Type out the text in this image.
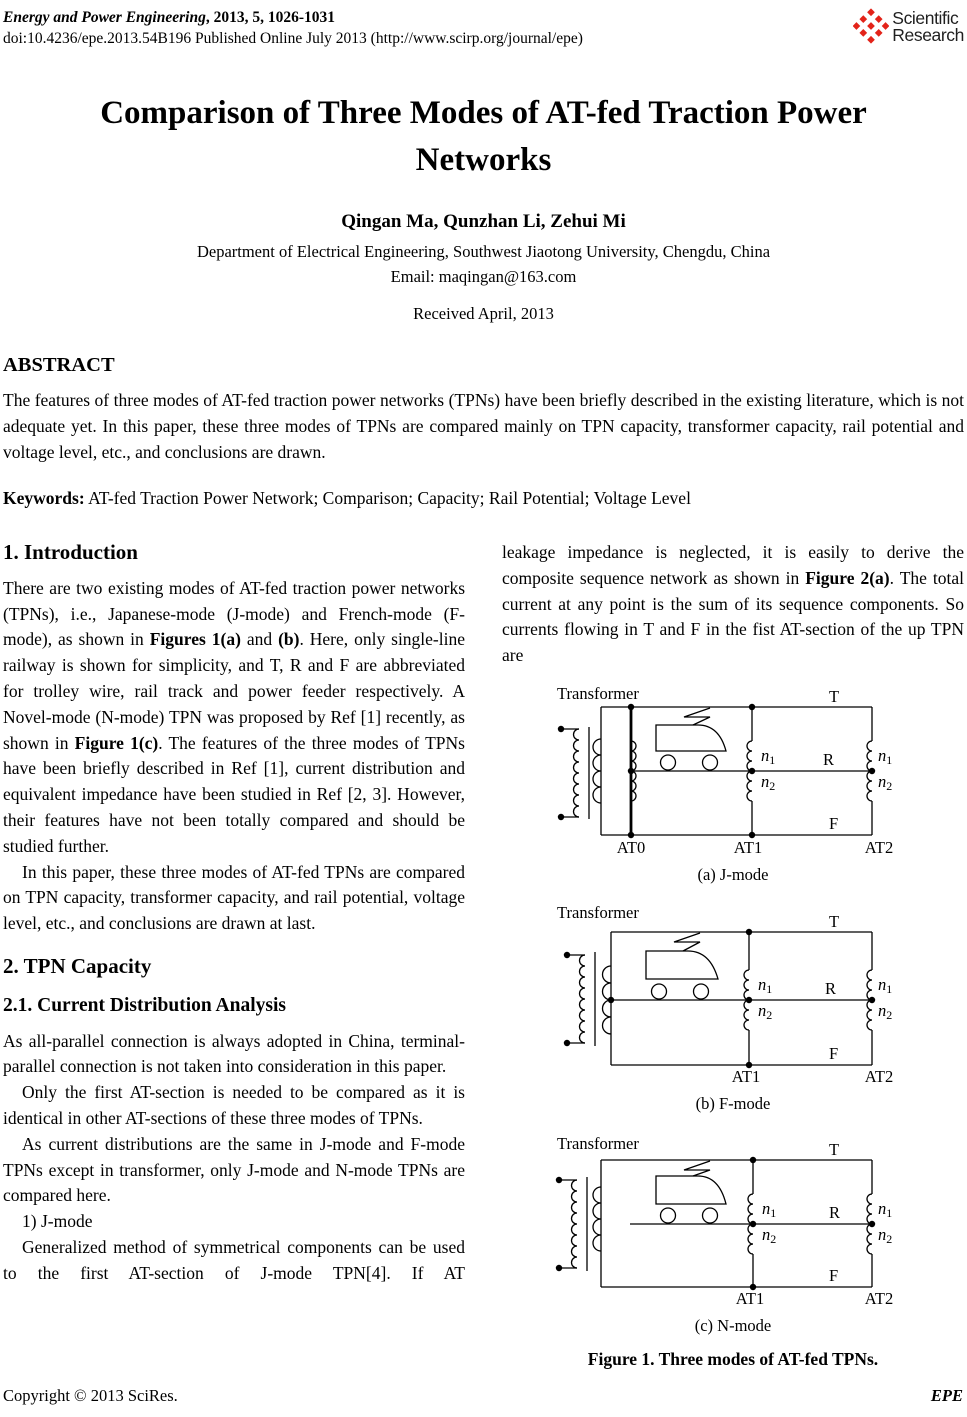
Energy and Power Engineering, 2013, 5, 1026-1031
doi:10.4236/epe.2013.54B196 Published Online July 2013 (http://www.scirp.org/journal/epe)
Scientific
Research
Comparison of Three Modes of AT-fed Traction Power
Networks
Qingan Ma, Qunzhan Li, Zehui Mi
Department of Electrical Engineering, Southwest Jiaotong University, Chengdu, China
Email: maqingan@163.com
Received April, 2013
ABSTRACT

The features of three modes of AT-fed traction power networks (TPNs) have been briefly described in the existing literature, which is not adequate yet. In this paper, these three modes of TPNs are compared mainly on TPN capacity, transformer capacity, rail potential and voltage level, etc., and conclusions are drawn.

Keywords: AT-fed Traction Power Network; Comparison; Capacity; Rail Potential; Voltage Level

1. Introduction

There are two existing modes of AT-fed traction power networks (TPNs), i.e., Japanese-mode (J-mode) and French-mode (F-mode), as shown in Figures 1(a) and (b). Here, only single-line railway is shown for simplicity, and T, R and F are abbreviated for trolley wire, rail track and power feeder respectively. A Novel-mode (N-mode) TPN was proposed by Ref [1] recently, as shown in Figure 1(c). The features of the three modes of TPNs have been briefly described in Ref [1], current distribution and equivalent impedance have been studied in Ref [2, 3]. However, their features have not been totally compared and should be studied further.

In this paper, these three modes of AT-fed TPNs are compared on TPN capacity, transformer capacity, and rail potential, voltage level, etc., and conclusions are drawn at last.

2. TPN Capacity
2.1. Current Distribution Analysis

As all-parallel connection is always adopted in China, terminal-parallel connection is not taken into consideration in this paper.

Only the first AT-section is needed to be compared as it is identical in other AT-sections of these three modes of TPNs.

As current distributions are the same in J-mode and F-mode TPNs except in transformer, only J-mode and N-mode TPNs are compared here.

1) J-mode

Generalized method of symmetrical components can be used to the first AT-section of J-mode TPN[4]. If AT

leakage impedance is neglected, it is easily to derive the composite sequence network as shown in Figure 2(a). The total current at any point is the sum of its sequence components. So currents flowing in T and F in the fist AT-section of the up TPN are

Transformer	T
R
F
n1
n2
n1
n2
AT0	AT1	AT2
(a) J-mode
Transformer	T
R
F
n1
n2
n1
n2
AT1	AT2
(b) F-mode
Transformer	T
R
F
n1
n2
n1
n2
AT1	AT2
(c) N-mode
Figure 1. Three modes of AT-fed TPNs.
Copyright © 2013 SciRes.	EPE
